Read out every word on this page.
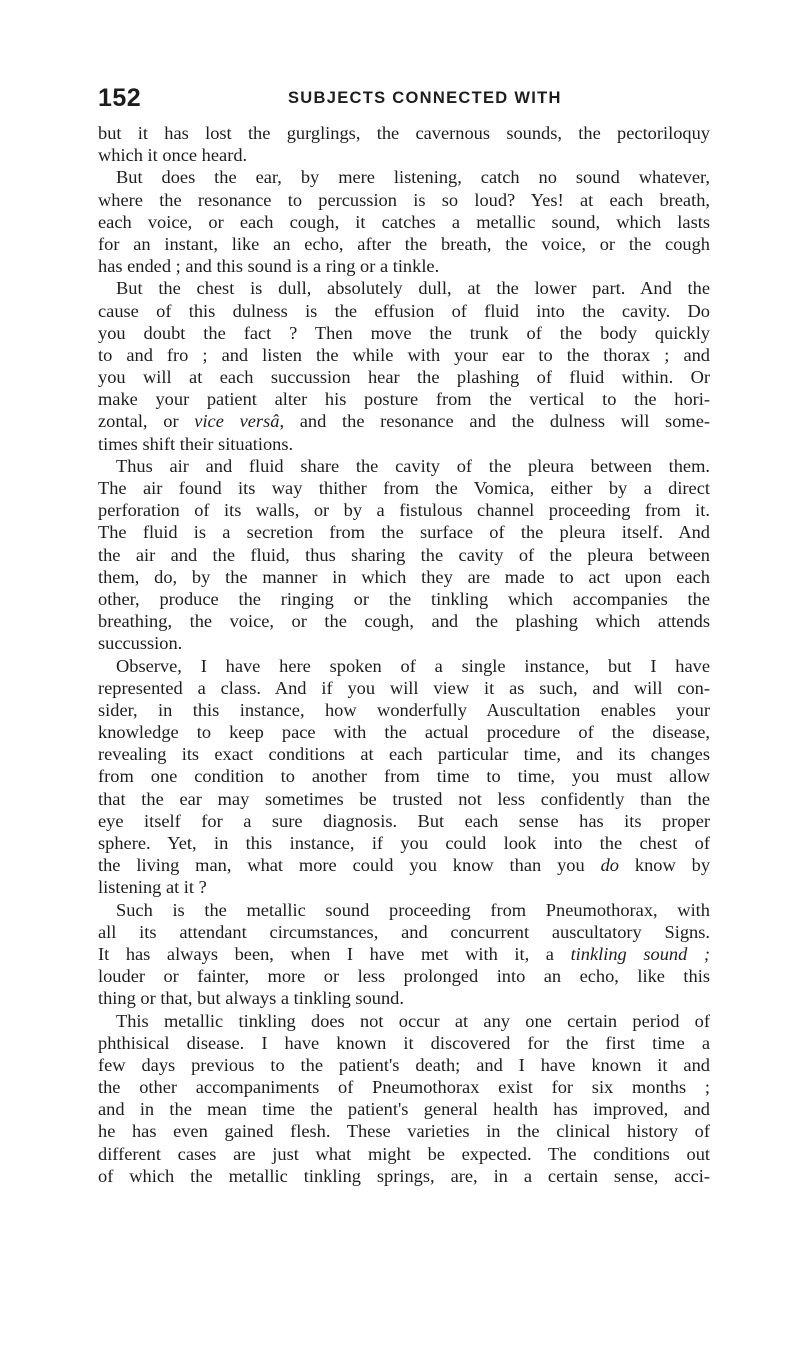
152	SUBJECTS CONNECTED WITH
but it has lost the gurglings, the cavernous sounds, the pectoriloquy
which it once heard.
But does the ear, by mere listening, catch no sound whatever,
where the resonance to percussion is so loud? Yes! at each breath,
each voice, or each cough, it catches a metallic sound, which lasts
for an instant, like an echo, after the breath, the voice, or the cough
has ended ; and this sound is a ring or a tinkle.
But the chest is dull, absolutely dull, at the lower part. And the
cause of this dulness is the effusion of fluid into the cavity. Do
you doubt the fact ? Then move the trunk of the body quickly
to and fro ; and listen the while with your ear to the thorax ; and
you will at each succussion hear the plashing of fluid within. Or
make your patient alter his posture from the vertical to the hori-
zontal, or vice versâ, and the resonance and the dulness will some-
times shift their situations.
Thus air and fluid share the cavity of the pleura between them.
The air found its way thither from the Vomica, either by a direct
perforation of its walls, or by a fistulous channel proceeding from it.
The fluid is a secretion from the surface of the pleura itself. And
the air and the fluid, thus sharing the cavity of the pleura between
them, do, by the manner in which they are made to act upon each
other, produce the ringing or the tinkling which accompanies the
breathing, the voice, or the cough, and the plashing which attends
succussion.
Observe, I have here spoken of a single instance, but I have
represented a class. And if you will view it as such, and will con-
sider, in this instance, how wonderfully Auscultation enables your
knowledge to keep pace with the actual procedure of the disease,
revealing its exact conditions at each particular time, and its changes
from one condition to another from time to time, you must allow
that the ear may sometimes be trusted not less confidently than the
eye itself for a sure diagnosis. But each sense has its proper
sphere. Yet, in this instance, if you could look into the chest of
the living man, what more could you know than you do know by
listening at it ?
Such is the metallic sound proceeding from Pneumothorax, with
all its attendant circumstances, and concurrent auscultatory Signs.
It has always been, when I have met with it, a tinkling sound ;
louder or fainter, more or less prolonged into an echo, like this
thing or that, but always a tinkling sound.
This metallic tinkling does not occur at any one certain period of
phthisical disease. I have known it discovered for the first time a
few days previous to the patient's death; and I have known it and
the other accompaniments of Pneumothorax exist for six months ;
and in the mean time the patient's general health has improved, and
he has even gained flesh. These varieties in the clinical history of
different cases are just what might be expected. The conditions out
of which the metallic tinkling springs, are, in a certain sense, acci-
